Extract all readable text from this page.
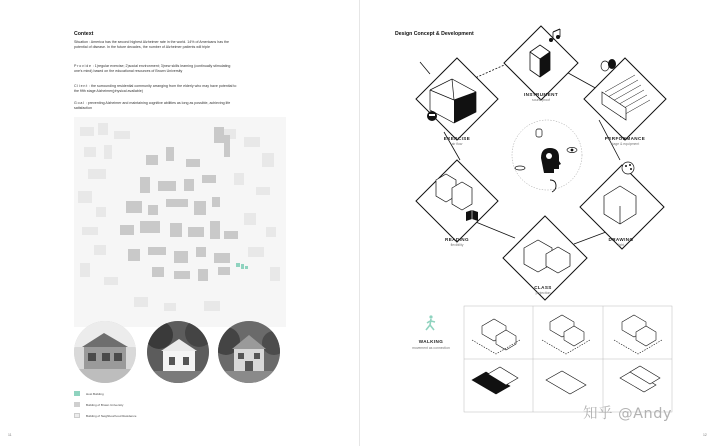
Context
Situation : America has the second highest Alzheimer rate in the world. 14% of Americans has the potential of disease. In the future decades, the number of Alzheimer patients will triple
Provide : 1)regular exercise; 2)social environment; 3)new skills learning (continually stimulating one's mind) based on the educational resources of Brown University
Client : the surrounding residential community arranging from the elderly who may have potential to the fifth stage Alzheimer(physical available)
Goal : preventing Alzheimer and maintaining cognitive abilities as long as possible, achieving life satisfaction
Host Building
Building of Brown University
Building of Neighbourhood Residence
11
Design Concept & Development
INSTRUMENT
sound proof
EXERCISE
air flow
PERFORMANCE
stage & equipment
READING
flexibility
DRAWING
light
CLASS
projection
WALKING
movement as connection
12
知乎 @Andy
